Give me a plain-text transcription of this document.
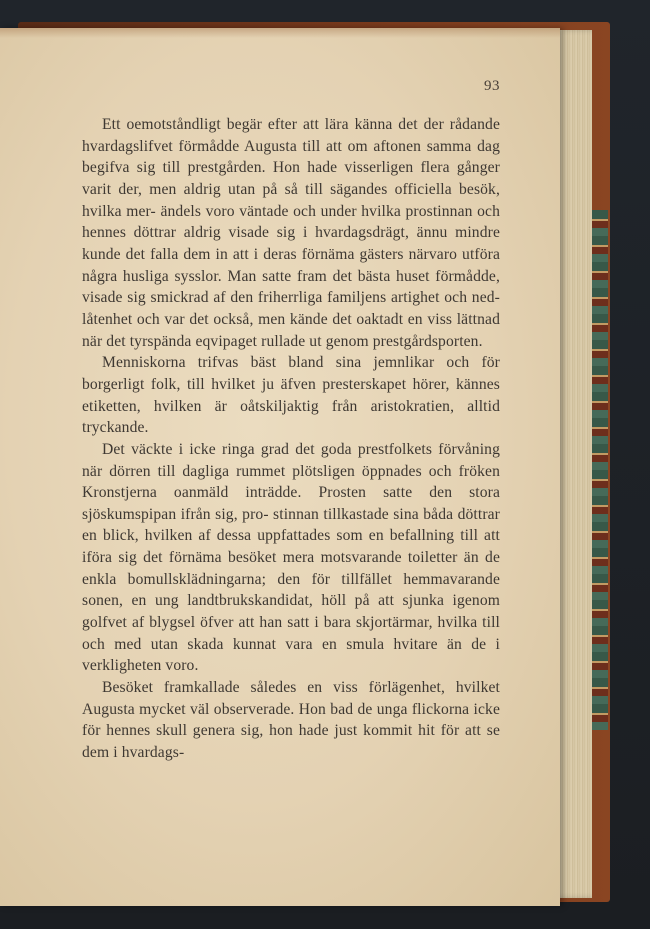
93

Ett oemotståndligt begär efter att lära känna det der rådande hvardagslifvet förmådde Augusta till att om aftonen samma dag begifva sig till prestgården. Hon hade visserligen flera gånger varit der, men aldrig utan på så till sägandes officiella besök, hvilka mer- ändels voro väntade och under hvilka prostinnan och hennes döttrar aldrig visade sig i hvardagsdrägt, ännu mindre kunde det falla dem in att i deras förnäma gästers närvaro utföra några husliga sysslor. Man satte fram det bästa huset förmådde, visade sig smickrad af den friherrliga familjens artighet och ned- låtenhet och var det också, men kände det oaktadt en viss lättnad när det tyrspända eqvipaget rullade ut genom prestgårdsporten.

Menniskorna trifvas bäst bland sina jemnlikar och för borgerligt folk, till hvilket ju äfven presterskapet hörer, kännes etiketten, hvilken är oåtskiljaktig från aristokratien, alltid tryckande.

Det väckte i icke ringa grad det goda prestfolkets förvåning när dörren till dagliga rummet plötsligen öppnades och fröken Kronstjerna oanmäld inträdde. Prosten satte den stora sjöskumspipan ifrån sig, pro- stinnan tillkastade sina båda döttrar en blick, hvilken af dessa uppfattades som en befallning till att iföra sig det förnäma besöket mera motsvarande toiletter än de enkla bomullsklädningarna; den för tillfället hemmavarande sonen, en ung landtbrukskandidat, höll på att sjunka igenom golfvet af blygsel öfver att han satt i bara skjortärmar, hvilka till och med utan skada kunnat vara en smula hvitare än de i verkligheten voro.

Besöket framkallade således en viss förlägenhet, hvilket Augusta mycket väl observerade. Hon bad de unga flickorna icke för hennes skull genera sig, hon hade just kommit hit för att se dem i hvardags-
